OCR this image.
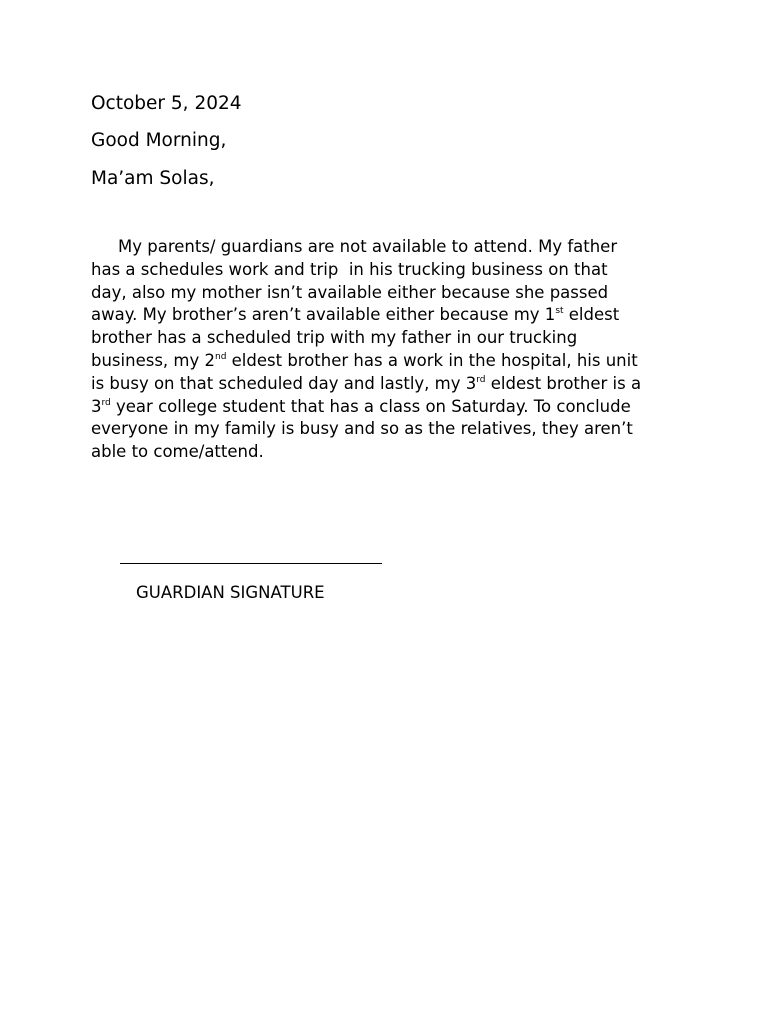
October 5, 2024
Good Morning,
Ma’am Solas,
My parents/ guardians are not available to attend. My father
has a schedules work and trip  in his trucking business on that
day, also my mother isn’t available either because she passed
away. My brother’s aren’t available either because my 1st eldest
brother has a scheduled trip with my father in our trucking
business, my 2nd eldest brother has a work in the hospital, his unit
is busy on that scheduled day and lastly, my 3rd eldest brother is a
3rd year college student that has a class on Saturday. To conclude
everyone in my family is busy and so as the relatives, they aren’t
able to come/attend.
GUARDIAN SIGNATURE
